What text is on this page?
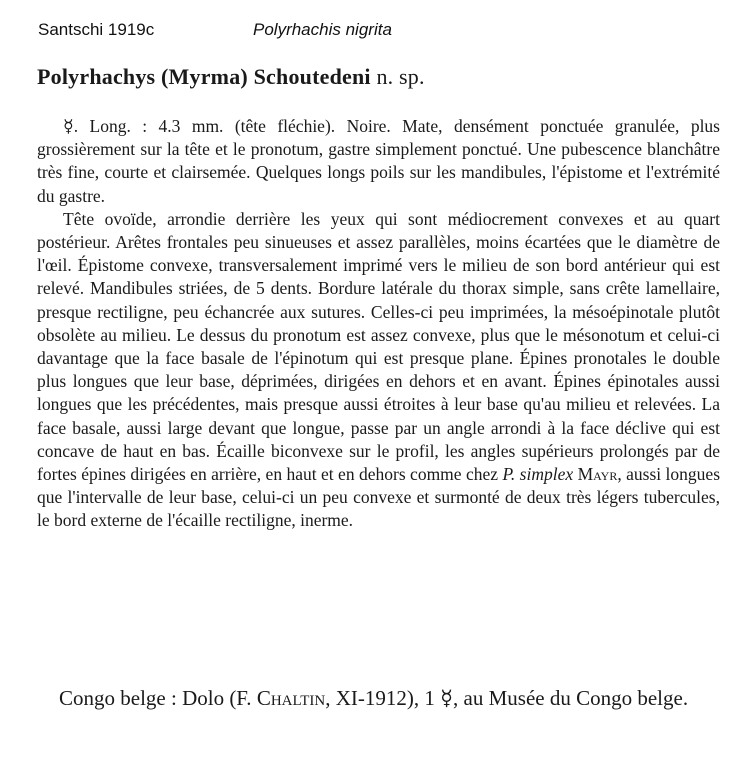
Santschi 1919c	Polyrhachis nigrita
Polyrhachys (Myrma) Schoutedeni n. sp.

☿. Long. : 4.3 mm. (tête fléchie). Noire. Mate, densément ponctuée granulée, plus grossièrement sur la tête et le pronotum, gastre simplement ponctué. Une pubescence blanchâtre très fine, courte et clairsemée. Quelques longs poils sur les mandibules, l'épistome et l'extrémité du gastre.

Tête ovoïde, arrondie derrière les yeux qui sont médiocrement convexes et au quart postérieur. Arêtes frontales peu sinueuses et assez parallèles, moins écartées que le diamètre de l'œil. Épistome convexe, transversalement imprimé vers le milieu de son bord antérieur qui est relevé. Mandibules striées, de 5 dents. Bordure latérale du thorax simple, sans crête lamellaire, presque rectiligne, peu échancrée aux sutures. Celles-ci peu imprimées, la mésoépinotale plutôt obsolète au milieu. Le dessus du pronotum est assez convexe, plus que le mésonotum et celui-ci davantage que la face basale de l'épinotum qui est presque plane. Épines pronotales le double plus longues que leur base, déprimées, dirigées en dehors et en avant. Épines épinotales aussi longues que les précédentes, mais presque aussi étroites à leur base qu'au milieu et relevées. La face basale, aussi large devant que longue, passe par un angle arrondi à la face déclive qui est concave de haut en bas. Écaille biconvexe sur le profil, les angles supérieurs prolongés par de fortes épines dirigées en arrière, en haut et en dehors comme chez P. simplex Mayr, aussi longues que l'intervalle de leur base, celui-ci un peu convexe et surmonté de deux très légers tubercules, le bord externe de l'écaille rectiligne, inerme.

Congo belge : Dolo (F. Chaltin, XI-1912), 1 ☿, au Musée du Congo belge.
